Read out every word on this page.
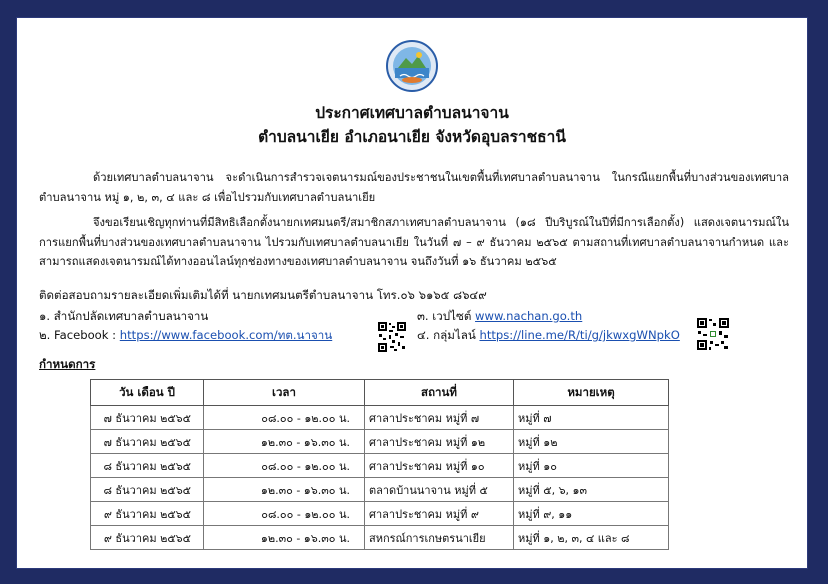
ประกาศเทศบาลตำบลนาจาน
ตำบลนาเยีย อำเภอนาเยีย จังหวัดอุบลราชธานี
ด้วยเทศบาลตำบลนาจาน จะดำเนินการสำรวจเจตนารมณ์ของประชาชนในเขตพื้นที่เทศบาลตำบลนาจาน ในกรณีแยกพื้นที่บางส่วนของเทศบาลตำบลนาจาน หมู่ ๑, ๒, ๓, ๔ และ ๘ เพื่อไปรวมกับเทศบาลตำบลนาเยีย
จึงขอเรียนเชิญทุกท่านที่มีสิทธิเลือกตั้งนายกเทศมนตรี/สมาชิกสภาเทศบาลตำบลนาจาน (๑๘ ปีบริบูรณ์ในปีที่มีการเลือกตั้ง) แสดงเจตนารมณ์ในการแยกพื้นที่บางส่วนของเทศบาลตำบลนาจาน ไปรวมกับเทศบาลตำบลนาเยีย ในวันที่ ๗ – ๙ ธันวาคม ๒๕๖๕ ตามสถานที่เทศบาลตำบลนาจานกำหนด และสามารถแสดงเจตนารมณ์ได้ทางออนไลน์ทุกช่องทางของเทศบาลตำบลนาจาน จนถึงวันที่ ๑๖ ธันวาคม ๒๕๖๕
ติดต่อสอบถามรายละเอียดเพิ่มเติมได้ที่ นายกเทศมนตรีตำบลนาจาน โทร.๐๖ ๖๑๖๕ ๘๖๔๙
๑. สำนักปลัดเทศบาลตำบลนาจาน
๒. Facebook : https://www.facebook.com/ทต.นาจาน
๓. เวปไซต์ www.nachan.go.th
๔. กลุ่มไลน์ https://line.me/R/ti/g/jkwxgWNpkO
กำหนดการ
วัน เดือน ปี	เวลา	สถานที่	หมายเหตุ
๗ ธันวาคม ๒๕๖๕	๐๘.๐๐ - ๑๒.๐๐ น.	ศาลาประชาคม หมู่ที่ ๗	หมู่ที่ ๗
๗ ธันวาคม ๒๕๖๕	๑๒.๓๐ - ๑๖.๓๐ น.	ศาลาประชาคม หมู่ที่ ๑๒	หมู่ที่ ๑๒
๘ ธันวาคม ๒๕๖๕	๐๘.๐๐ - ๑๒.๐๐ น.	ศาลาประชาคม หมู่ที่ ๑๐	หมู่ที่ ๑๐
๘ ธันวาคม ๒๕๖๕	๑๒.๓๐ - ๑๖.๓๐ น.	ตลาดบ้านนาจาน หมู่ที่ ๕	หมู่ที่ ๕, ๖, ๑๓
๙ ธันวาคม ๒๕๖๕	๐๘.๐๐ - ๑๒.๐๐ น.	ศาลาประชาคม หมู่ที่ ๙	หมู่ที่ ๙, ๑๑
๙ ธันวาคม ๒๕๖๕	๑๒.๓๐ - ๑๖.๓๐ น.	สหกรณ์การเกษตรนาเยีย	หมู่ที่ ๑, ๒, ๓, ๔ และ ๘
